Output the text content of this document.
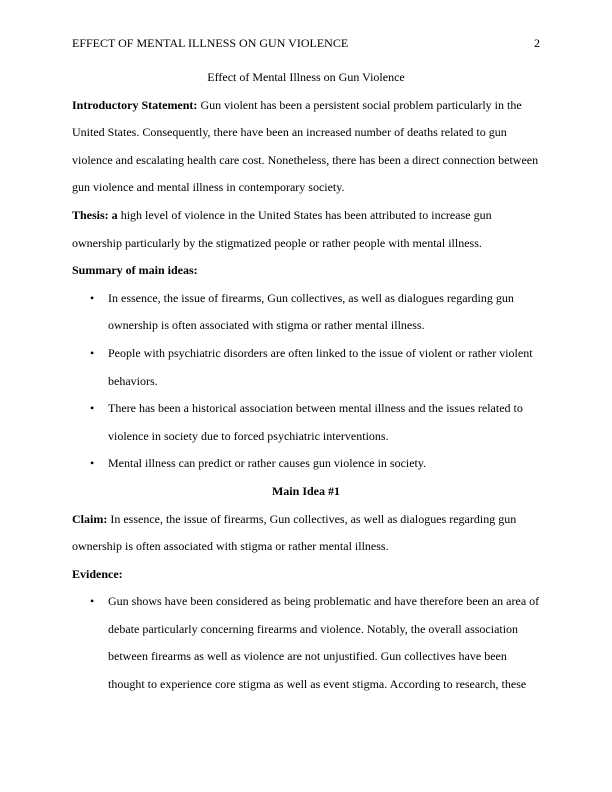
EFFECT OF MENTAL ILLNESS ON GUN VIOLENCE	2

Effect of Mental Illness on Gun Violence

Introductory Statement: Gun violent has been a persistent social problem particularly in the United States. Consequently, there have been an increased number of deaths related to gun violence and escalating health care cost. Nonetheless, there has been a direct connection between gun violence and mental illness in contemporary society.

Thesis: a high level of violence in the United States has been attributed to increase gun ownership particularly by the stigmatized people or rather people with mental illness.

Summary of main ideas:

• In essence, the issue of firearms, Gun collectives, as well as dialogues regarding gun ownership is often associated with stigma or rather mental illness.
• People with psychiatric disorders are often linked to the issue of violent or rather violent behaviors.
• There has been a historical association between mental illness and the issues related to violence in society due to forced psychiatric interventions.
• Mental illness can predict or rather causes gun violence in society.

Main Idea #1

Claim: In essence, the issue of firearms, Gun collectives, as well as dialogues regarding gun ownership is often associated with stigma or rather mental illness.

Evidence:

• Gun shows have been considered as being problematic and have therefore been an area of debate particularly concerning firearms and violence. Notably, the overall association between firearms as well as violence are not unjustified. Gun collectives have been thought to experience core stigma as well as event stigma. According to research, these
